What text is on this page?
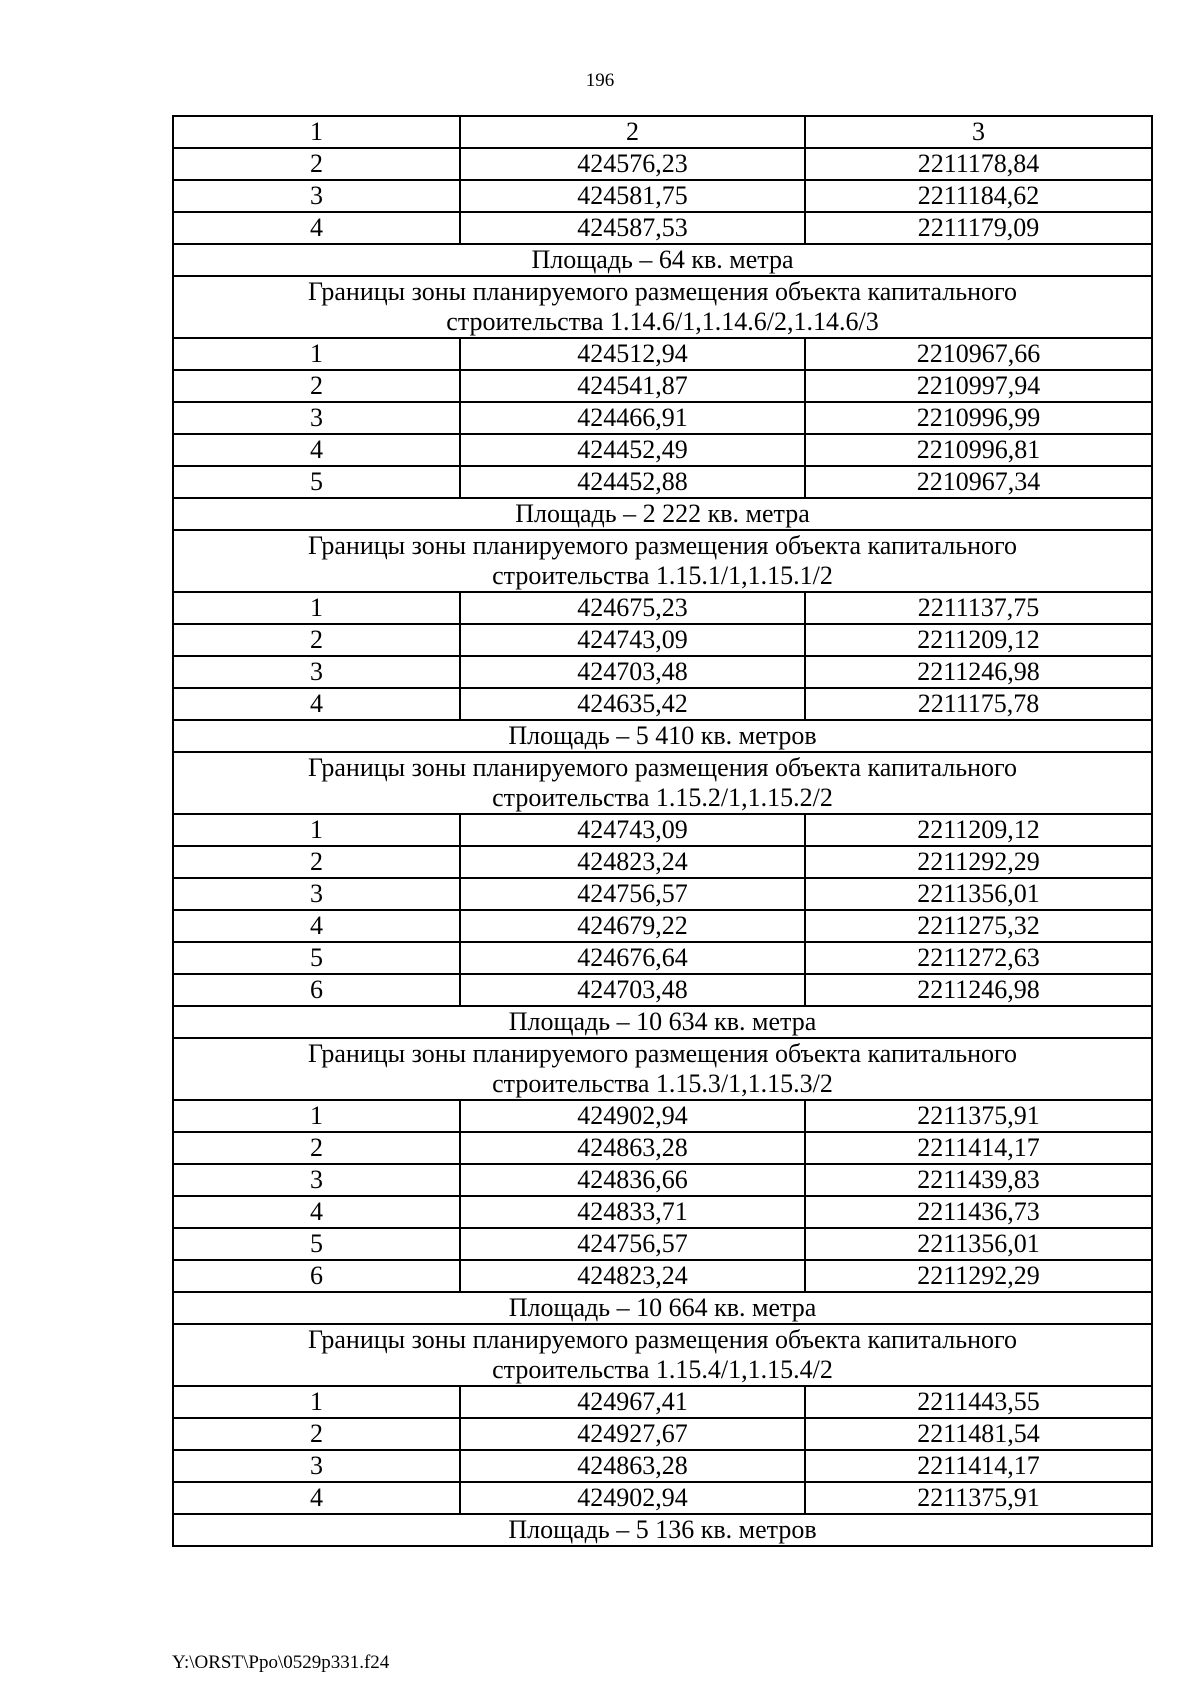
196
1	2	3
2	424576,23	2211178,84
3	424581,75	2211184,62
4	424587,53	2211179,09
Площадь – 64 кв. метра		

Границы зоны планируемого размещения объекта капитального
строительства 1.14.6/1,1.14.6/2,1.14.6/3		

1	424512,94	2210967,66
2	424541,87	2210997,94
3	424466,91	2210996,99
4	424452,49	2210996,81
5	424452,88	2210967,34
Площадь – 2 222 кв. метра		

Границы зоны планируемого размещения объекта капитального
строительства 1.15.1/1,1.15.1/2		

1	424675,23	2211137,75
2	424743,09	2211209,12
3	424703,48	2211246,98
4	424635,42	2211175,78
Площадь – 5 410 кв. метров		

Границы зоны планируемого размещения объекта капитального
строительства 1.15.2/1,1.15.2/2		

1	424743,09	2211209,12
2	424823,24	2211292,29
3	424756,57	2211356,01
4	424679,22	2211275,32
5	424676,64	2211272,63
6	424703,48	2211246,98
Площадь – 10 634 кв. метра		

Границы зоны планируемого размещения объекта капитального
строительства 1.15.3/1,1.15.3/2		

1	424902,94	2211375,91
2	424863,28	2211414,17
3	424836,66	2211439,83
4	424833,71	2211436,73
5	424756,57	2211356,01
6	424823,24	2211292,29
Площадь – 10 664 кв. метра		

Границы зоны планируемого размещения объекта капитального
строительства 1.15.4/1,1.15.4/2		

1	424967,41	2211443,55
2	424927,67	2211481,54
3	424863,28	2211414,17
4	424902,94	2211375,91
Площадь – 5 136 кв. метров		
Y:\ORST\Ppo\0529p331.f24
